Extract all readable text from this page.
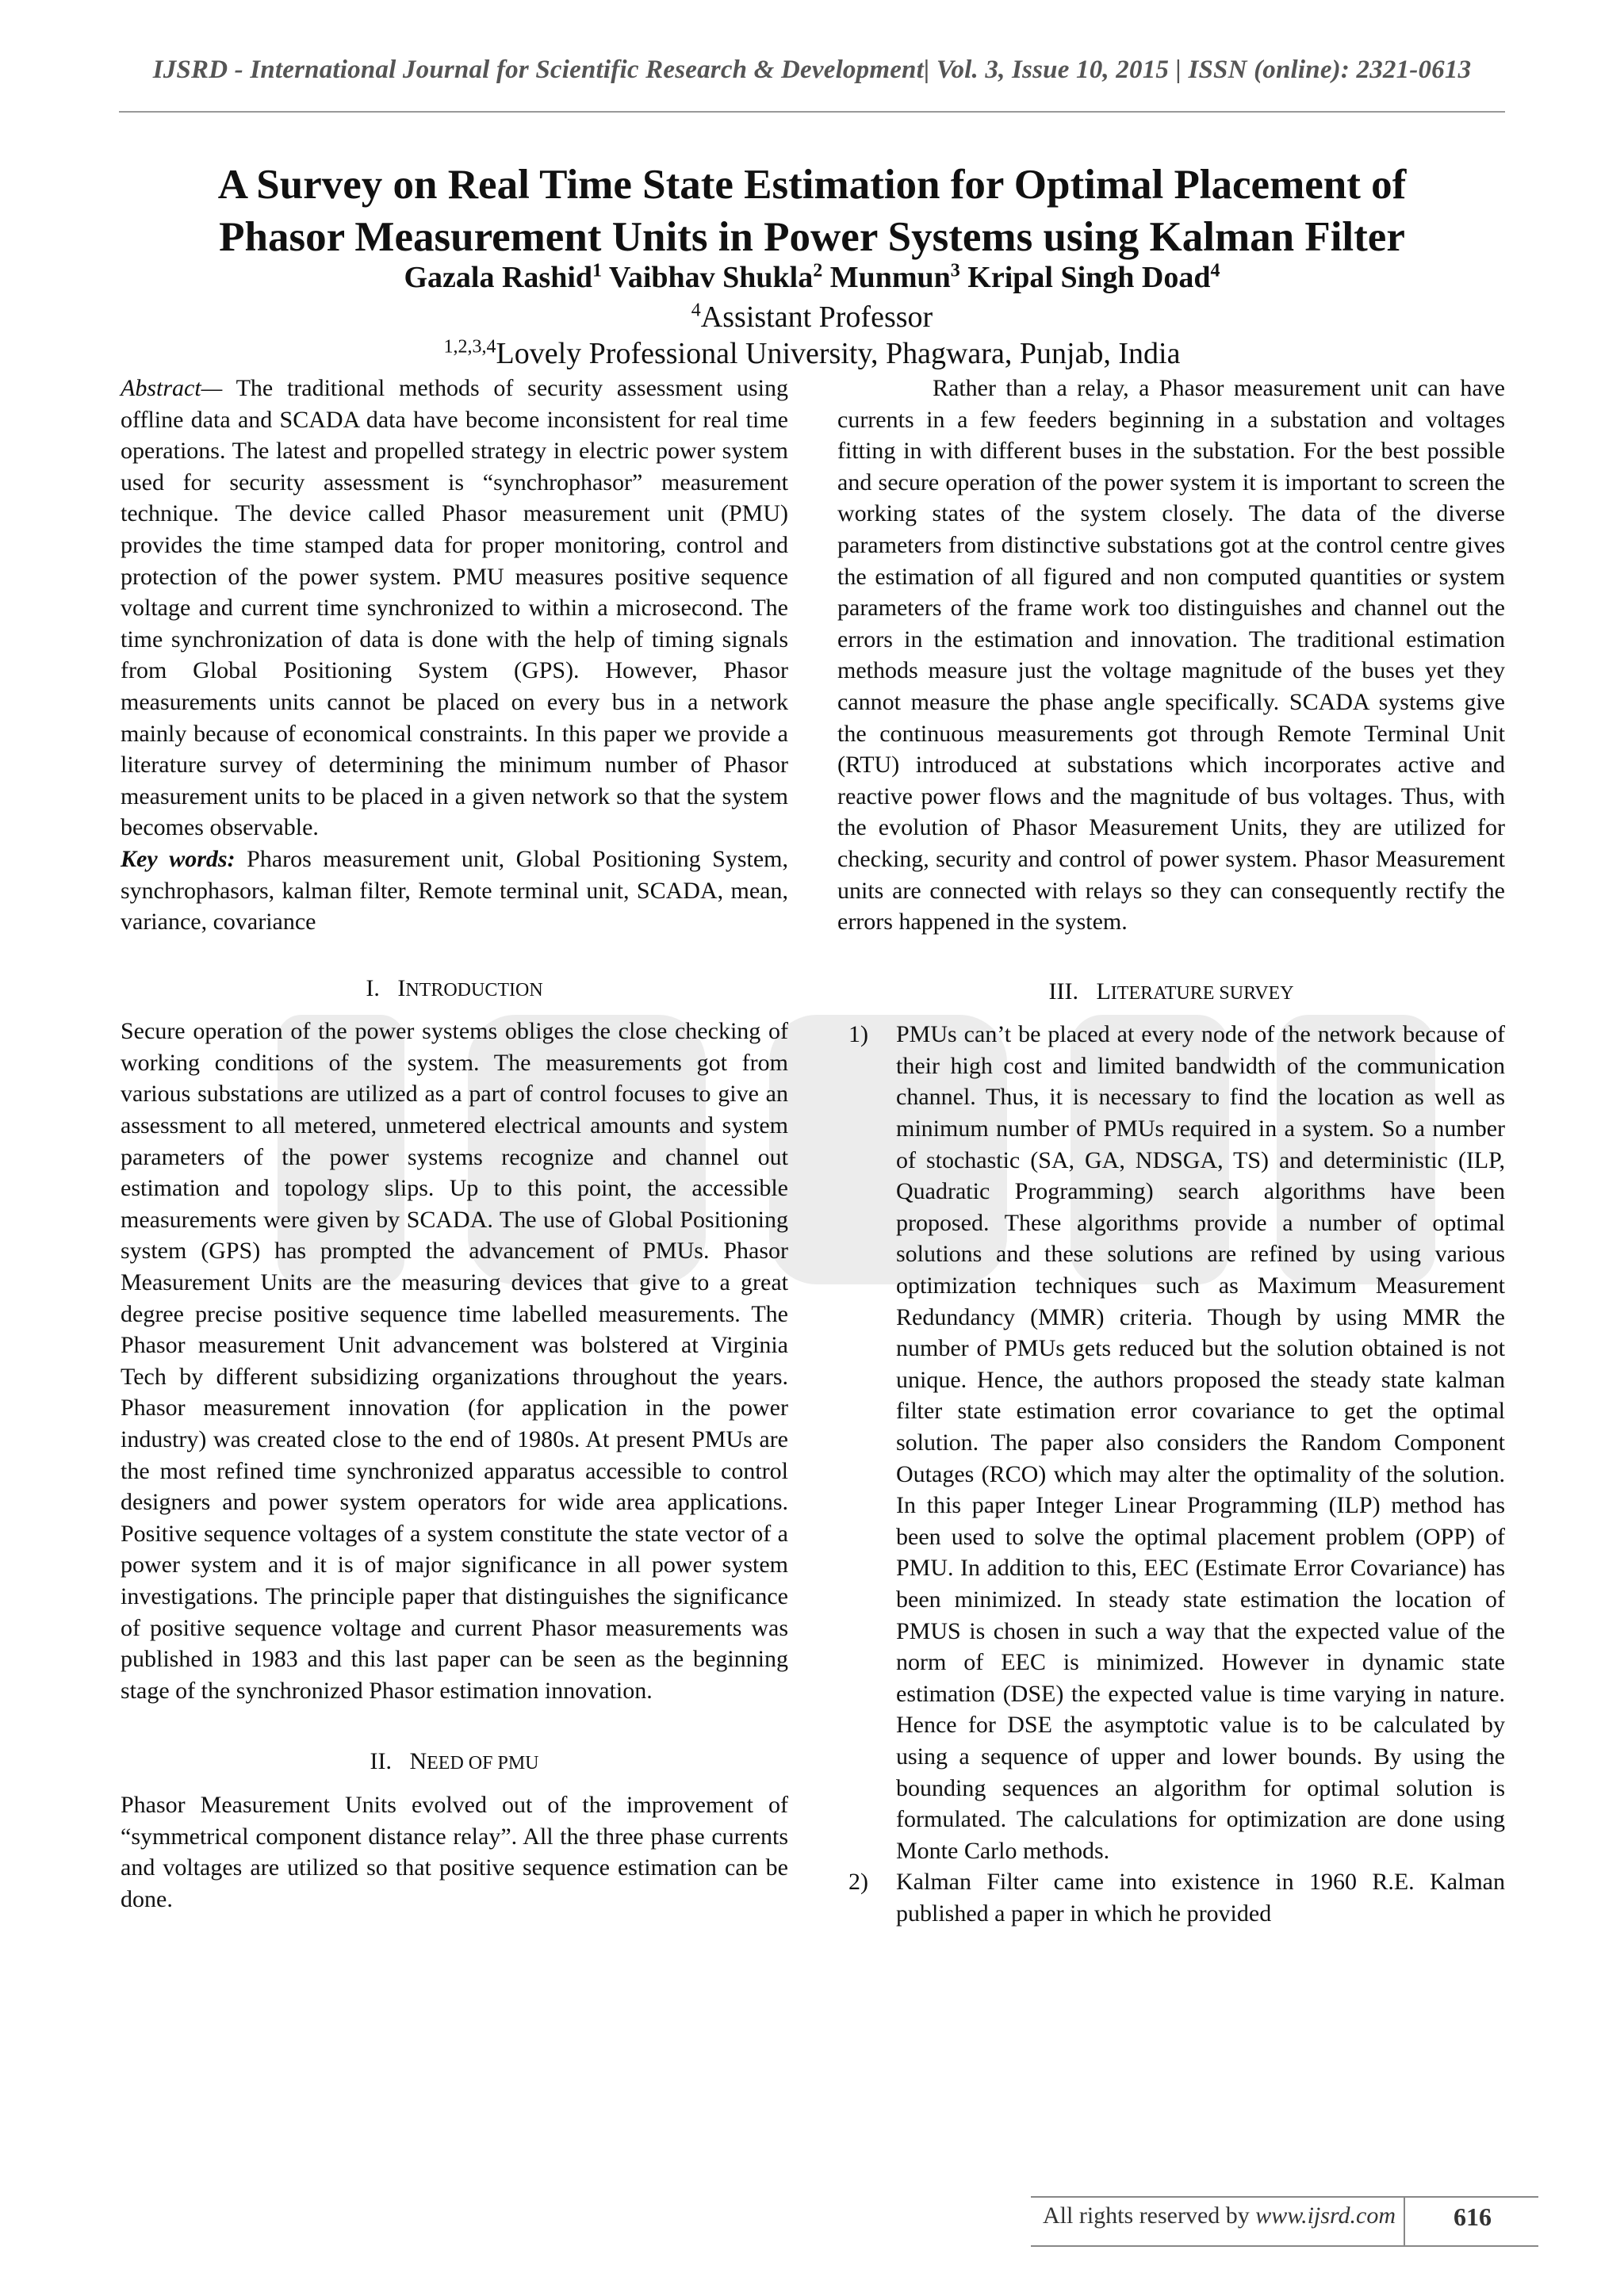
IJSRD - International Journal for Scientific Research & Development| Vol. 3, Issue 10, 2015 | ISSN (online): 2321-0613
A Survey on Real Time State Estimation for Optimal Placement of
Phasor Measurement Units in Power Systems using Kalman Filter
Gazala Rashid$^1$ Vaibhav Shukla$^2$ Munmun$^3$ Kripal Singh Doad$^4$
$^4$Assistant Professor
$^{1,2,3,4}$Lovely Professional University, Phagwara, Punjab, India

Abstract— The traditional methods of security assessment using offline data and SCADA data have become inconsistent for real time operations. The latest and propelled strategy in electric power system used for security assessment is “synchrophasor” measurement technique. The device called Phasor measurement unit (PMU) provides the time stamped data for proper monitoring, control and protection of the power system. PMU measures positive sequence voltage and current time synchronized to within a microsecond. The time synchronization of data is done with the help of timing signals from Global Positioning System (GPS). However, Phasor measurements units cannot be placed on every bus in a network mainly because of economical constraints. In this paper we provide a literature survey of determining the minimum number of Phasor measurement units to be placed in a given network so that the system becomes observable.

Key words: Pharos measurement unit, Global Positioning System, synchrophasors, kalman filter, Remote terminal unit, SCADA, mean, variance, covariance

I. INTRODUCTION

Secure operation of the power systems obliges the close checking of working conditions of the system. The measurements got from various substations are utilized as a part of control focuses to give an assessment to all metered, unmetered electrical amounts and system parameters of the power systems recognize and channel out estimation and topology slips. Up to this point, the accessible measurements were given by SCADA. The use of Global Positioning system (GPS) has prompted the advancement of PMUs. Phasor Measurement Units are the measuring devices that give to a great degree precise positive sequence time labelled measurements. The Phasor measurement Unit advancement was bolstered at Virginia Tech by different subsidizing organizations throughout the years. Phasor measurement innovation (for application in the power industry) was created close to the end of 1980s. At present PMUs are the most refined time synchronized apparatus accessible to control designers and power system operators for wide area applications. Positive sequence voltages of a system constitute the state vector of a power system and it is of major significance in all power system investigations. The principle paper that distinguishes the significance of positive sequence voltage and current Phasor measurements was published in 1983 and this last paper can be seen as the beginning stage of the synchronized Phasor estimation innovation.

II. NEED OF PMU

Phasor Measurement Units evolved out of the improvement of “symmetrical component distance relay”. All the three phase currents and voltages are utilized so that positive sequence estimation can be done.

Rather than a relay, a Phasor measurement unit can have currents in a few feeders beginning in a substation and voltages fitting in with different buses in the substation. For the best possible and secure operation of the power system it is important to screen the working states of the system closely. The data of the diverse parameters from distinctive substations got at the control centre gives the estimation of all figured and non computed quantities or system parameters of the frame work too distinguishes and channel out the errors in the estimation and innovation. The traditional estimation methods measure just the voltage magnitude of the buses yet they cannot measure the phase angle specifically. SCADA systems give the continuous measurements got through Remote Terminal Unit (RTU) introduced at substations which incorporates active and reactive power flows and the magnitude of bus voltages. Thus, with the evolution of Phasor Measurement Units, they are utilized for checking, security and control of power system. Phasor Measurement units are connected with relays so they can consequently rectify the errors happened in the system.

III. LITERATURE SURVEY
1) PMUs can’t be placed at every node of the network because of their high cost and limited bandwidth of the communication channel. Thus, it is necessary to find the location as well as minimum number of PMUs required in a system. So a number of stochastic (SA, GA, NDSGA, TS) and deterministic (ILP, Quadratic Programming) search algorithms have been proposed. These algorithms provide a number of optimal solutions and these solutions are refined by using various optimization techniques such as Maximum Measurement Redundancy (MMR) criteria. Though by using MMR the number of PMUs gets reduced but the solution obtained is not unique. Hence, the authors proposed the steady state kalman filter state estimation error covariance to get the optimal solution. The paper also considers the Random Component Outages (RCO) which may alter the optimality of the solution. In this paper Integer Linear Programming (ILP) method has been used to solve the optimal placement problem (OPP) of PMU. In addition to this, EEC (Estimate Error Covariance) has been minimized. In steady state estimation the location of PMUS is chosen in such a way that the expected value of the norm of EEC is minimized. However in dynamic state estimation (DSE) the expected value is time varying in nature. Hence for DSE the asymptotic value is to be calculated by using a sequence of upper and lower bounds. By using the bounding sequences an algorithm for optimal solution is formulated. The calculations for optimization are done using Monte Carlo methods.
2) Kalman Filter came into existence in 1960 R.E. Kalman published a paper in which he provided
All rights reserved by www.ijsrd.com	616
